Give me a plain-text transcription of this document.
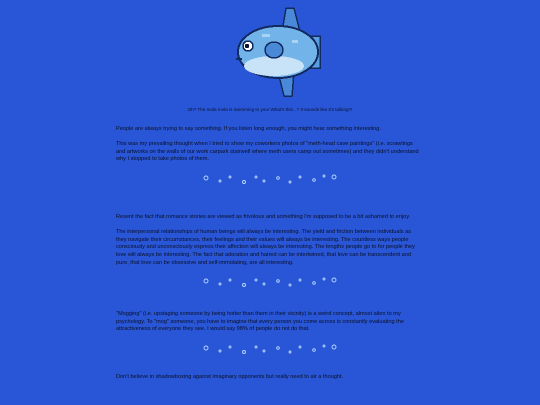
Oh? The mola mola is swimming to you! What's this...? It sounds like it's talking?!

People are always trying to say something. If you listen long enough, you might hear something interesting.

This was my prevailing thought when I tried to show my coworkers photos of "meth-head cave paintings" (i.e. scrawlings and artworks on the walls of our work carpark stairwell where meth users camp out sometimes) and they didn't understand why I stopped to take photos of them.

Resent the fact that romance stories are viewed as frivolous and something I'm supposed to be a bit ashamed to enjoy.

The interpersonal relationships of human beings will always be interesting. The yield and friction between individuals as they navigate their circumstances, their feelings and their values will always be interesting. The countless ways people consciously and unconsciously express their affection will always be interesting. The lengths people go to for people they love will always be interesting. The fact that adoration and hatred can be intertwined, that love can be transcendent and pure, that love can be obsessive and self-immolating, are all interesting.

"Mogging" (i.e. upstaging someone by being hotter than them in their vicinity) is a weird concept, almost alien to my psychology. To "mog" someone, you have to imagine that every person you come across is constantly evaluating the attractiveness of everyone they see. I would say 98% of people do not do that.

Don't believe in shadowboxing against imaginary opponents but really need to air a thought.
